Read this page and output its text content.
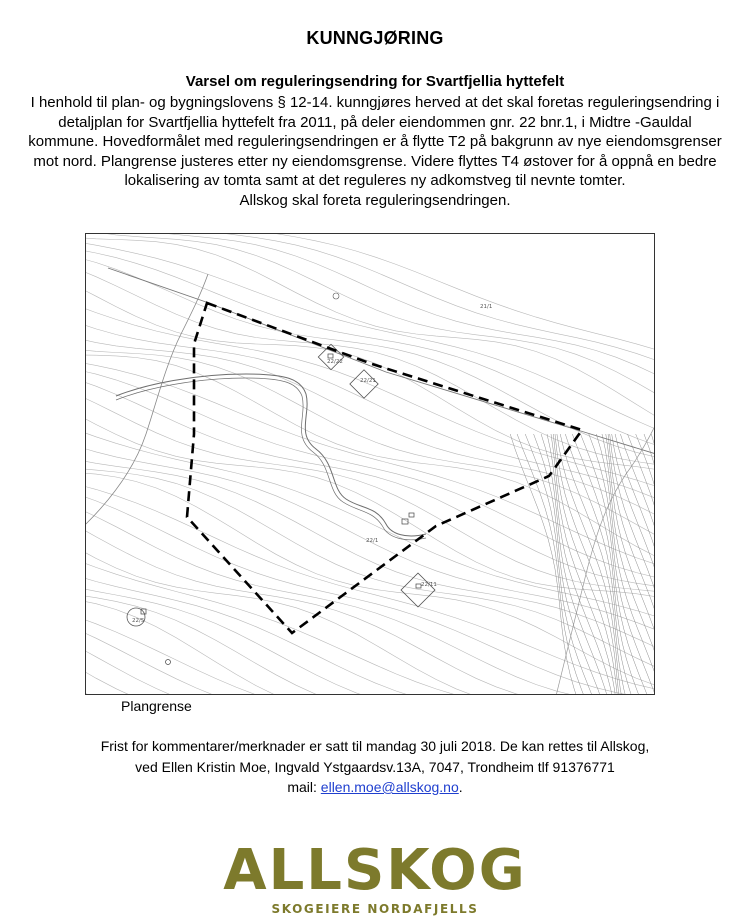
KUNNGJØRING
Varsel om reguleringsendring for Svartfjellia hyttefelt
I henhold til plan- og bygningslovens § 12-14. kunngjøres herved at det skal foretas reguleringsendring i
detaljplan for Svartfjellia hyttefelt fra 2011, på deler eiendommen gnr. 22 bnr.1, i Midtre -Gauldal
kommune. Hovedformålet med reguleringsendringen er å flytte T2 på bakgrunn av nye eiendomsgrenser
mot nord. Plangrense justeres etter ny eiendomsgrense. Videre flyttes T4 østover for å oppnå en bedre
lokalisering av tomta samt at det reguleres ny adkomstveg til nevnte tomter.
Allskog skal foreta reguleringsendringen.
21/1
22/22
22/21
22/1
22/11
22/5
Plangrense
Frist for kommentarer/merknader er satt til mandag 30 juli 2018. De kan rettes til Allskog,
ved Ellen Kristin Moe, Ingvald Ystgaardsv.13A, 7047, Trondheim tlf 91376771
mail: ellen.moe@allskog.no.
ALLSKOG
SKOGEIERE NORDAFJELLS
